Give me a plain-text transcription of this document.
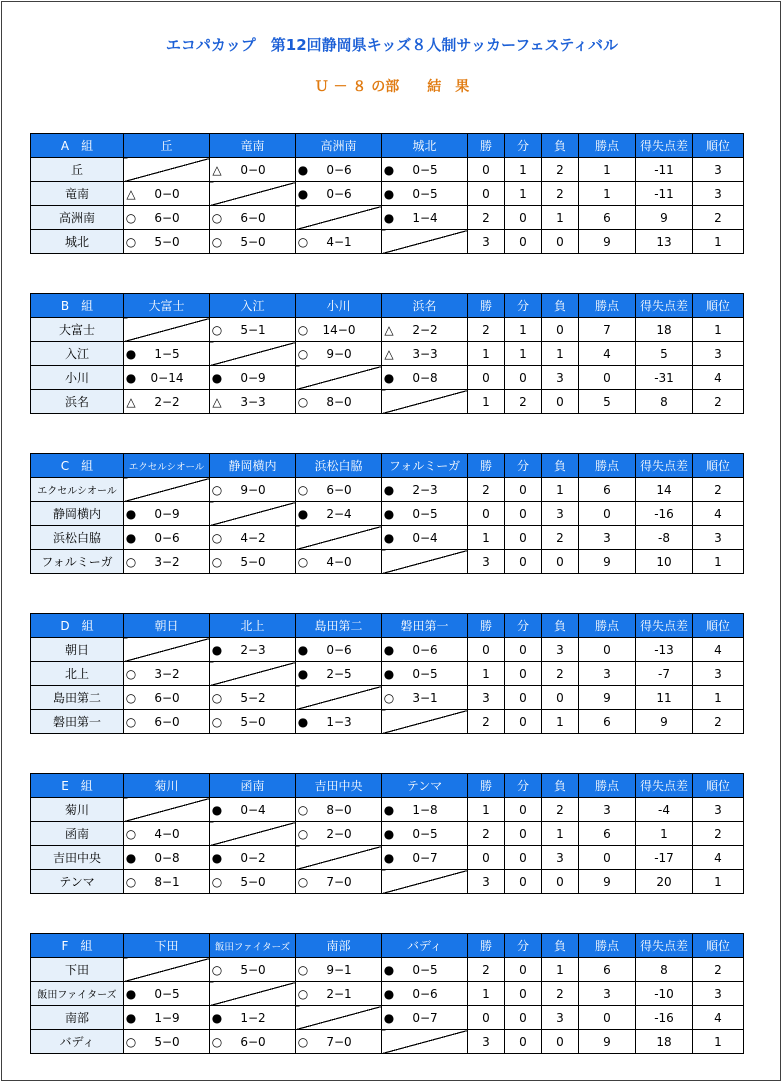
エコパカップ　第12回静岡県キッズ８人制サッカーフェスティバル
Ｕ － ８ の部　　結　果
A　組	丘	竜南	高洲南	城北	勝	分	負	勝点	得失点差	順位
丘		△ 0−0	● 0−6	● 0−5	0	1	2	1	-11	3
竜南	△ 0−0		● 0−6	● 0−5	0	1	2	1	-11	3
高洲南	○ 6−0	○ 6−0		● 1−4	2	0	1	6	9	2
城北	○ 5−0	○ 5−0	○ 4−1		3	0	0	9	13	1
B　組	大富士	入江	小川	浜名	勝	分	負	勝点	得失点差	順位
大富士		○ 5−1	○ 14−0	△ 2−2	2	1	0	7	18	1
入江	● 1−5		○ 9−0	△ 3−3	1	1	1	4	5	3
小川	● 0−14	● 0−9		● 0−8	0	0	3	0	-31	4
浜名	△ 2−2	△ 3−3	○ 8−0		1	2	0	5	8	2
C　組	エクセルシオール	静岡横内	浜松白脇	フォルミーガ	勝	分	負	勝点	得失点差	順位
エクセルシオール		○ 9−0	○ 6−0	● 2−3	2	0	1	6	14	2
静岡横内	● 0−9		● 2−4	● 0−5	0	0	3	0	-16	4
浜松白脇	● 0−6	○ 4−2		● 0−4	1	0	2	3	-8	3
フォルミーガ	○ 3−2	○ 5−0	○ 4−0		3	0	0	9	10	1
D　組	朝日	北上	島田第二	磐田第一	勝	分	負	勝点	得失点差	順位
朝日		● 2−3	● 0−6	● 0−6	0	0	3	0	-13	4
北上	○ 3−2		● 2−5	● 0−5	1	0	2	3	-7	3
島田第二	○ 6−0	○ 5−2		○ 3−1	3	0	0	9	11	1
磐田第一	○ 6−0	○ 5−0	● 1−3		2	0	1	6	9	2
E　組	菊川	函南	吉田中央	テンマ	勝	分	負	勝点	得失点差	順位
菊川		● 0−4	○ 8−0	● 1−8	1	0	2	3	-4	3
函南	○ 4−0		○ 2−0	● 0−5	2	0	1	6	1	2
吉田中央	● 0−8	● 0−2		● 0−7	0	0	3	0	-17	4
テンマ	○ 8−1	○ 5−0	○ 7−0		3	0	0	9	20	1
F　組	下田	飯田ファイターズ	南部	バディ	勝	分	負	勝点	得失点差	順位
下田		○ 5−0	○ 9−1	● 0−5	2	0	1	6	8	2
飯田ファイターズ	● 0−5		○ 2−1	● 0−6	1	0	2	3	-10	3
南部	● 1−9	● 1−2		● 0−7	0	0	3	0	-16	4
バディ	○ 5−0	○ 6−0	○ 7−0		3	0	0	9	18	1
